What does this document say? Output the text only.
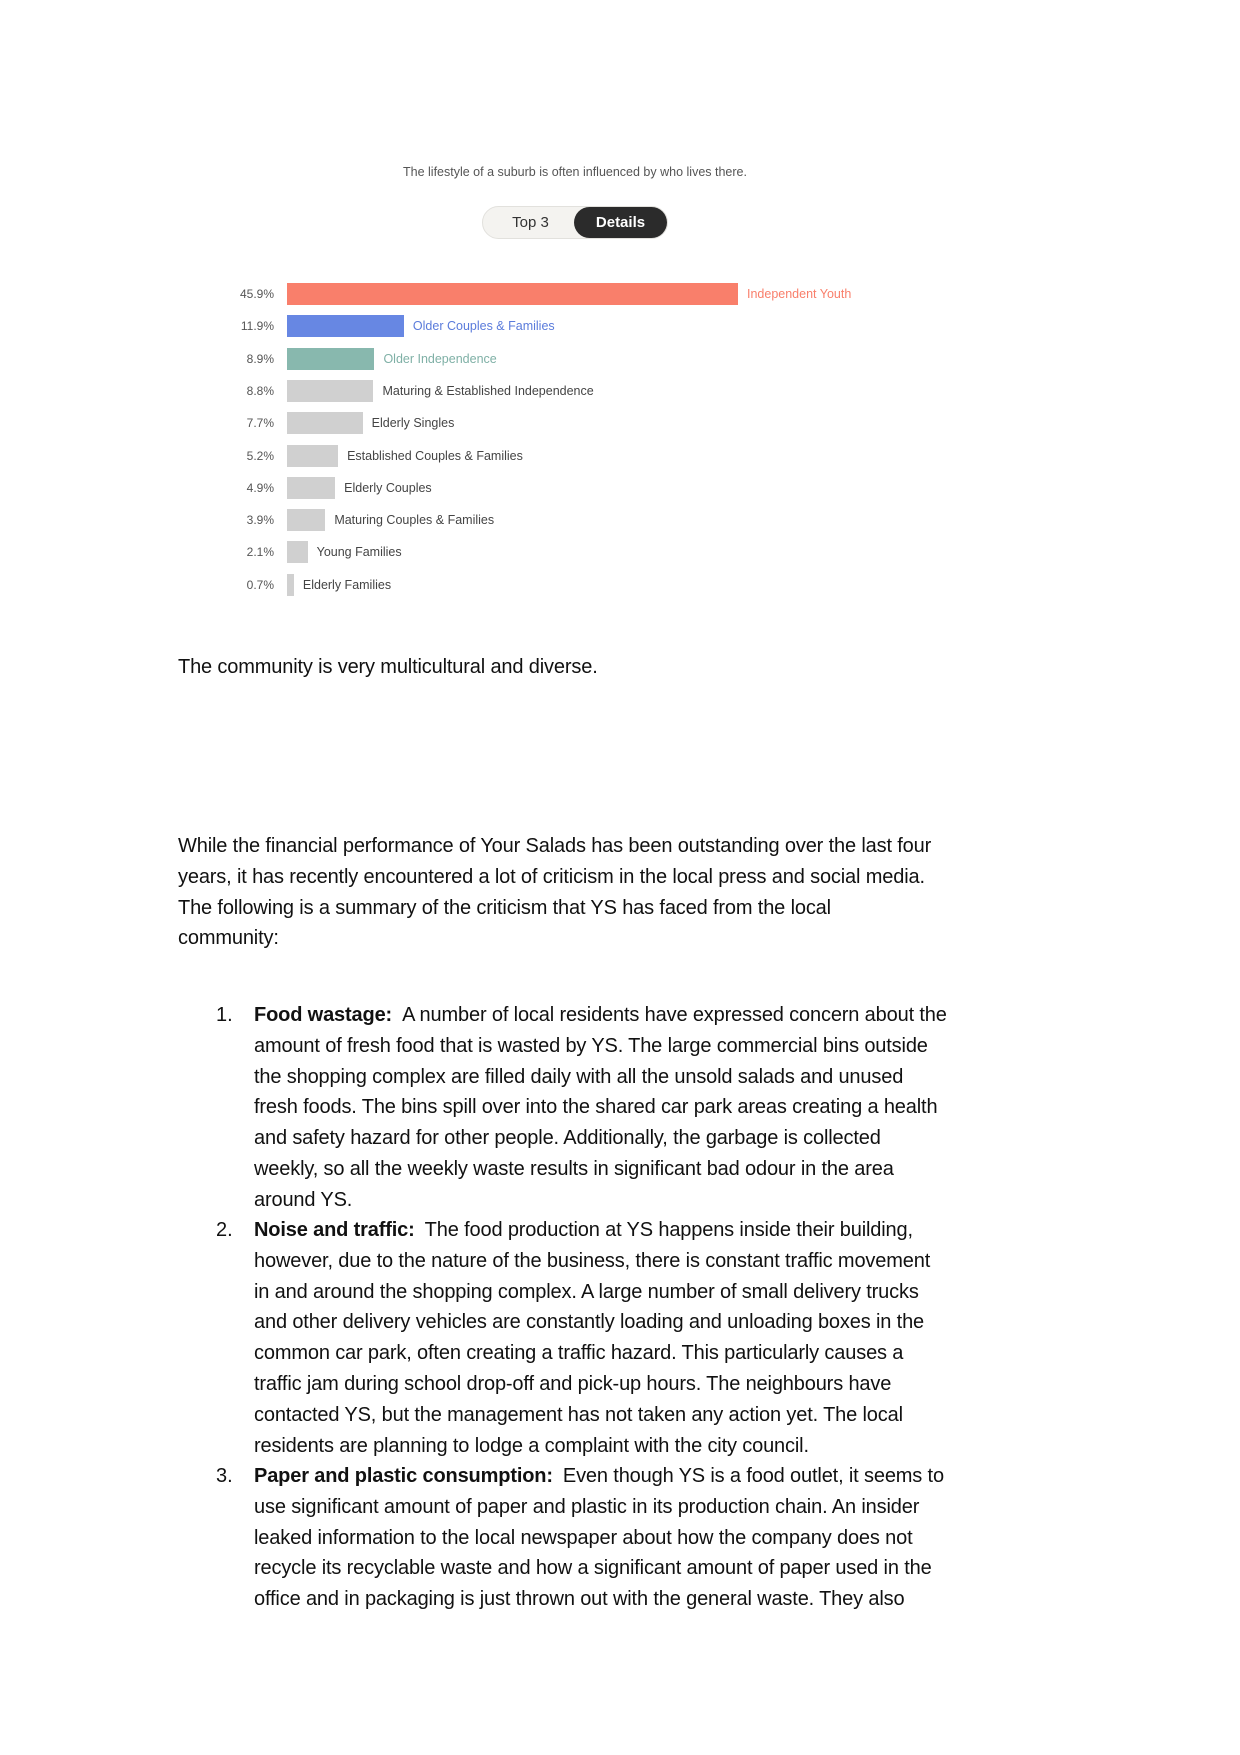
The lifestyle of a suburb is often influenced by who lives there.
Top 3	Details
45.9%	Independent Youth
11.9%	Older Couples & Families
8.9%	Older Independence
8.8%	Maturing & Established Independence
7.7%	Elderly Singles
5.2%	Established Couples & Families
4.9%	Elderly Couples
3.9%	Maturing Couples & Families
2.1%	Young Families
0.7% Elderly Families
The community is very multicultural and diverse.
While the financial performance of Your Salads has been outstanding over the last four
years, it has recently encountered a lot of criticism in the local press and social media.
The following is a summary of the criticism that YS has faced from the local
community:
1. Food wastage: A number of local residents have expressed concern about the
amount of fresh food that is wasted by YS. The large commercial bins outside
the shopping complex are filled daily with all the unsold salads and unused
fresh foods. The bins spill over into the shared car park areas creating a health
and safety hazard for other people. Additionally, the garbage is collected
weekly, so all the weekly waste results in significant bad odour in the area
around YS.
2. Noise and traffic: The food production at YS happens inside their building,
however, due to the nature of the business, there is constant traffic movement
in and around the shopping complex. A large number of small delivery trucks
and other delivery vehicles are constantly loading and unloading boxes in the
common car park, often creating a traffic hazard. This particularly causes a
traffic jam during school drop-off and pick-up hours. The neighbours have
contacted YS, but the management has not taken any action yet. The local
residents are planning to lodge a complaint with the city council.
3. Paper and plastic consumption: Even though YS is a food outlet, it seems to
use significant amount of paper and plastic in its production chain. An insider
leaked information to the local newspaper about how the company does not
recycle its recyclable waste and how a significant amount of paper used in the
office and in packaging is just thrown out with the general waste. They also
